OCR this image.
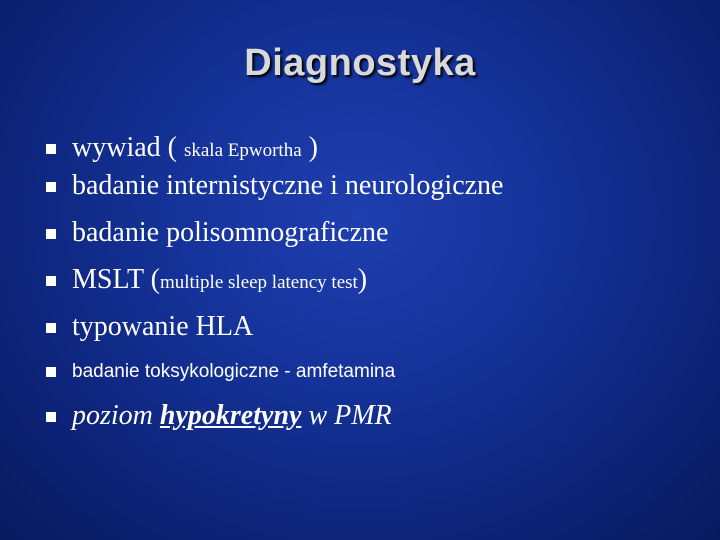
Diagnostyka
wywiad ( skala Epwortha )
badanie internistyczne i neurologiczne
badanie polisomnograficzne
MSLT (multiple sleep latency test)
typowanie HLA
badanie toksykologiczne - amfetamina
poziom hypokretyny w PMR
